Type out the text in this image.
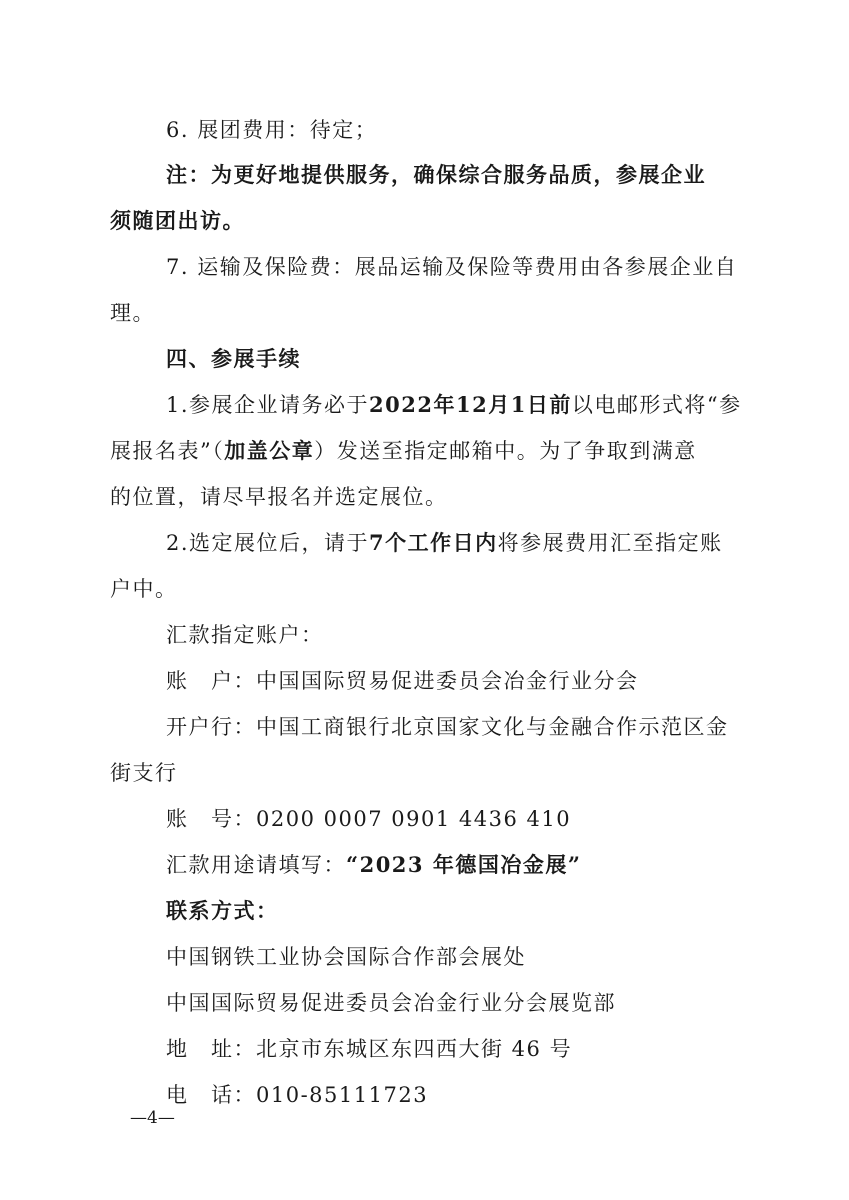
6. 展团费用：待定；
注：为更好地提供服务，确保综合服务品质，参展企业
须随团出访。
7. 运输及保险费：展品运输及保险等费用由各参展企业自
理。
四、参展手续
1.参展企业请务必于2022年12月1日前以电邮形式将“参
展报名表”（加盖公章）发送至指定邮箱中。为了争取到满意
的位置，请尽早报名并选定展位。
2.选定展位后，请于7个工作日内将参展费用汇至指定账
户中。
汇款指定账户：
账　户：中国国际贸易促进委员会冶金行业分会
开户行：中国工商银行北京国家文化与金融合作示范区金
街支行
账　号：0200 0007 0901 4436 410
汇款用途请填写：“2023 年德国冶金展”
联系方式：
中国钢铁工业协会国际合作部会展处
中国国际贸易促进委员会冶金行业分会展览部
地　址：北京市东城区东四西大街 46 号
电　话：010-85111723
—4—
